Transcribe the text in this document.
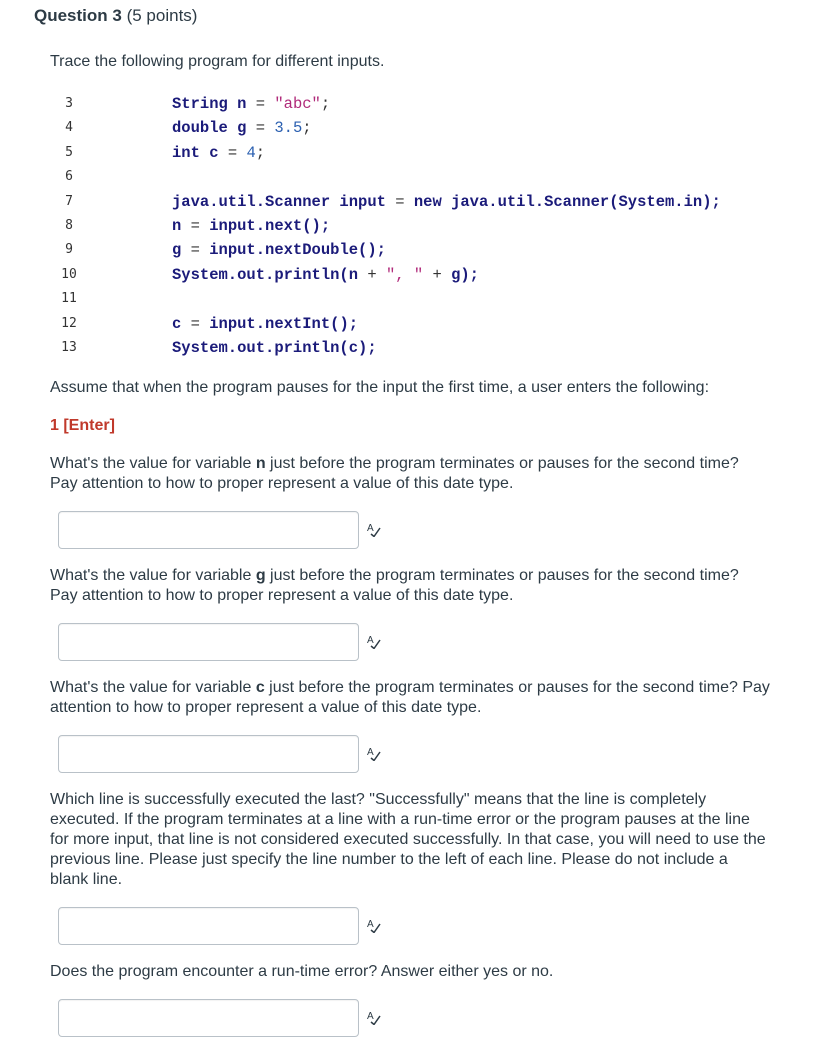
Question 3 (5 points)
Trace the following program for different inputs.
3	String n = "abc";
4	double g = 3.5;
5	int c = 4;
6
7	java.util.Scanner input = new java.util.Scanner(System.in);
8	n = input.next();
9	g = input.nextDouble();
10	System.out.println(n + ", " + g);
11
12	c = input.nextInt();
13	System.out.println(c);
Assume that when the program pauses for the input the first time, a user enters the following:
1 [Enter]
What's the value for variable n just before the program terminates or pauses for the second time? Pay attention to how to proper represent a value of this date type.
A
What's the value for variable g just before the program terminates or pauses for the second time? Pay attention to how to proper represent a value of this date type.
A
What's the value for variable c just before the program terminates or pauses for the second time? Pay attention to how to proper represent a value of this date type.
A
Which line is successfully executed the last? "Successfully" means that the line is completely executed. If the program terminates at a line with a run-time error or the program pauses at the line for more input, that line is not considered executed successfully. In that case, you will need to use the previous line. Please just specify the line number to the left of each line. Please do not include a blank line.
A
Does the program encounter a run-time error? Answer either yes or no.
A
